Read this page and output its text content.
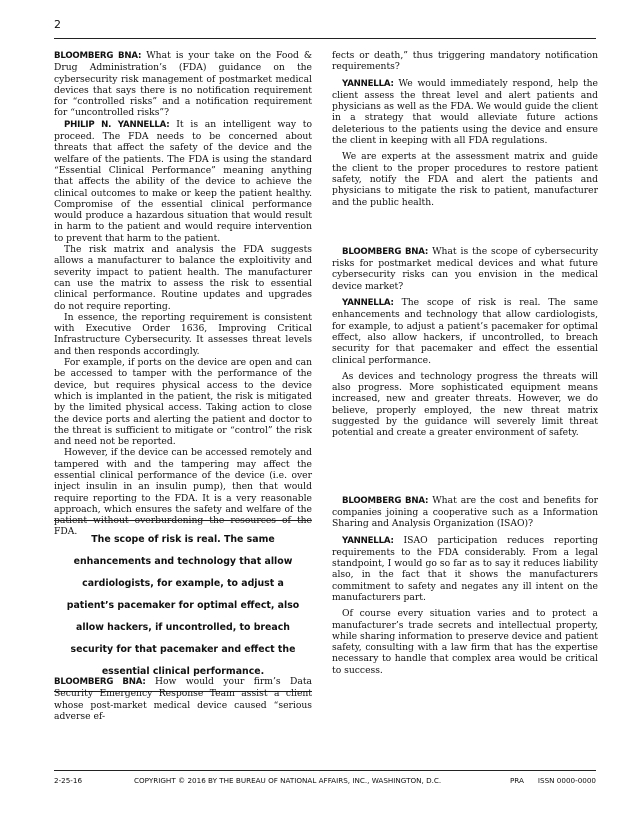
2

BLOOMBERG BNA: What is your take on the Food & Drug Administration’s (FDA) guidance on the cybersecurity risk management of postmarket medical devices that says there is no notification requirement for “controlled risks” and a notification requirement for “uncontrolled risks”?

PHILIP N. YANNELLA: It is an intelligent way to proceed. The FDA needs to be concerned about threats that affect the safety of the device and the welfare of the patients. The FDA is using the standard “Essential Clinical Performance” meaning anything that affects the ability of the device to achieve the clinical outcomes to make or keep the patient healthy. Compromise of the essential clinical performance would produce a hazardous situation that would result in harm to the patient and would require intervention to prevent that harm to the patient.

The risk matrix and analysis the FDA suggests allows a manufacturer to balance the exploitivity and severity impact to patient health. The manufacturer can use the matrix to assess the risk to essential clinical performance. Routine updates and upgrades do not require reporting.

In essence, the reporting requirement is consistent with Executive Order 1636, Improving Critical Infrastructure Cybersecurity. It assesses threat levels and then responds accordingly.

For example, if ports on the device are open and can be accessed to tamper with the performance of the device, but requires physical access to the device which is implanted in the patient, the risk is mitigated by the limited physical access. Taking action to close the device ports and alerting the patient and doctor to the threat is sufficient to mitigate or “control” the risk and need not be reported.

However, if the device can be accessed remotely and tampered with and the tampering may affect the essential clinical performance of the device (i.e. over inject insulin in an insulin pump), then that would require reporting to the FDA. It is a very reasonable approach, which ensures the safety and welfare of the patient without overburdening the resources of the FDA.

The scope of risk is real. The same enhancements and technology that allow cardiologists, for example, to adjust a patient’s pacemaker for optimal effect, also allow hackers, if uncontrolled, to breach security for that pacemaker and effect the essential clinical performance.

BLOOMBERG BNA: How would your firm’s Data Security Emergency Response Team assist a client whose post-market medical device caused “serious adverse ef-

fects or death,” thus triggering mandatory notification requirements?

YANNELLA: We would immediately respond, help the client assess the threat level and alert patients and physicians as well as the FDA. We would guide the client in a strategy that would alleviate future actions deleterious to the patients using the device and ensure the client in keeping with all FDA regulations.

We are experts at the assessment matrix and guide the client to the proper procedures to restore patient safety, notify the FDA and alert the patients and physicians to mitigate the risk to patient, manufacturer and the public health.

BLOOMBERG BNA: What is the scope of cybersecurity risks for postmarket medical devices and what future cybersecurity risks can you envision in the medical device market?

YANNELLA: The scope of risk is real. The same enhancements and technology that allow cardiologists, for example, to adjust a patient’s pacemaker for optimal effect, also allow hackers, if uncontrolled, to breach security for that pacemaker and effect the essential clinical performance.

As devices and technology progress the threats will also progress. More sophisticated equipment means increased, new and greater threats. However, we do believe, properly employed, the new threat matrix suggested by the guidance will severely limit threat potential and create a greater environment of safety.

BLOOMBERG BNA: What are the cost and benefits for companies joining a cooperative such as a Information Sharing and Analysis Organization (ISAO)?

YANNELLA: ISAO participation reduces reporting requirements to the FDA considerably. From a legal standpoint, I would go so far as to say it reduces liability also, in the fact that it shows the manufacturers commitment to safety and negates any ill intent on the manufacturers part.

Of course every situation varies and to protect a manufacturer’s trade secrets and intellectual property, while sharing information to preserve device and patient safety, consulting with a law firm that has the expertise necessary to handle that complex area would be critical to success.

2-25-16	COPYRIGHT © 2016 BY THE BUREAU OF NATIONAL AFFAIRS, INC., WASHINGTON, D.C.	PRA ISSN 0000-0000
